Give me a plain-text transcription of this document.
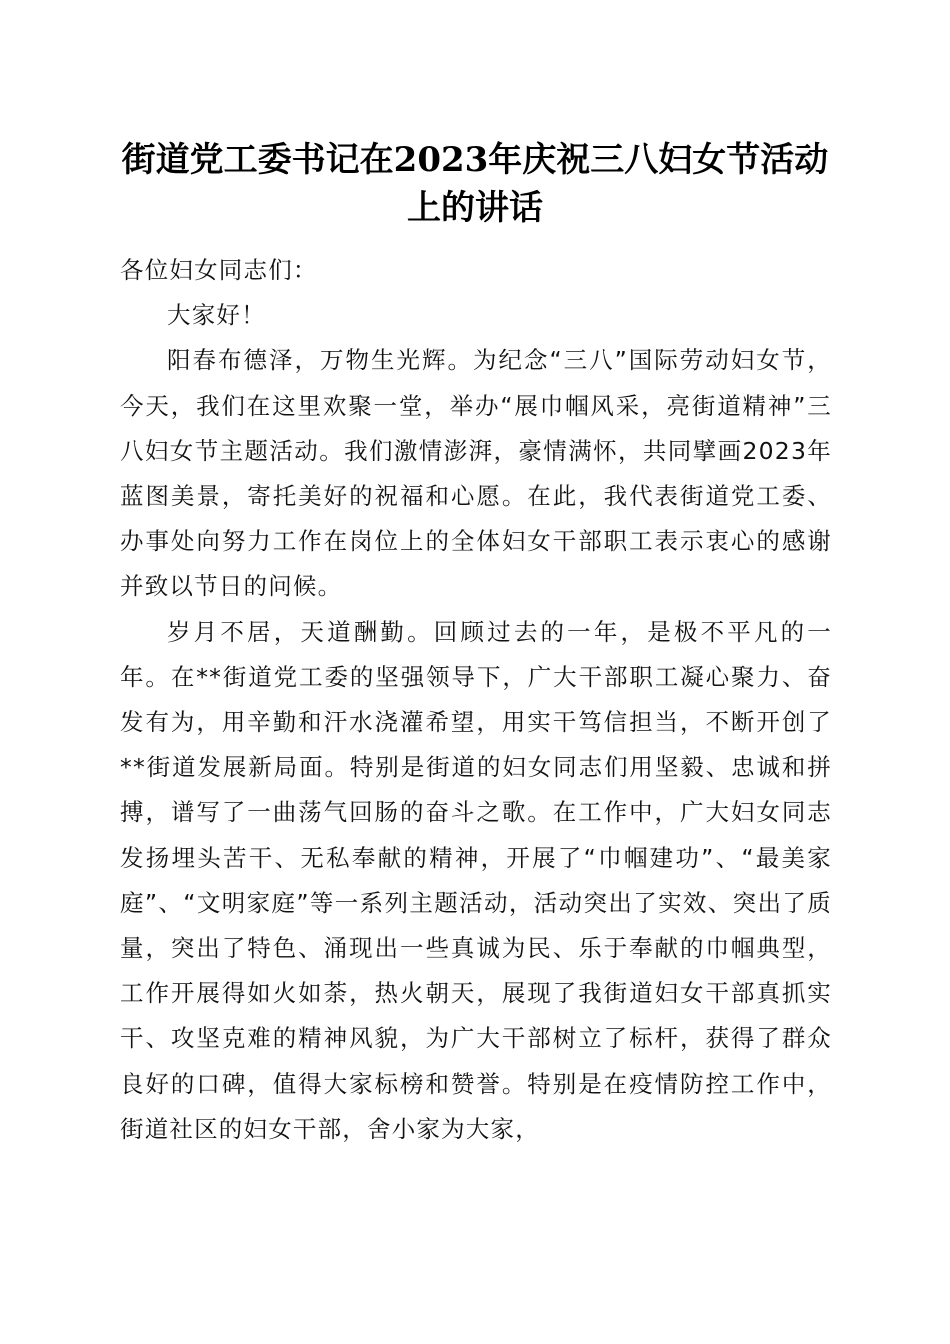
街道党工委书记在2023年庆祝三八妇女节活动上的讲话

各位妇女同志们：

大家好！

阳春布德泽，万物生光辉。为纪念“三八”国际劳动妇女节，今天，我们在这里欢聚一堂，举办“展巾帼风采，亮街道精神”三八妇女节主题活动。我们激情澎湃，豪情满怀，共同擘画2023年蓝图美景，寄托美好的祝福和心愿。在此，我代表街道党工委、办事处向努力工作在岗位上的全体妇女干部职工表示衷心的感谢并致以节日的问候。

岁月不居，天道酬勤。回顾过去的一年，是极不平凡的一年。在**街道党工委的坚强领导下，广大干部职工凝心聚力、奋发有为，用辛勤和汗水浇灌希望，用实干笃信担当，不断开创了**街道发展新局面。特别是街道的妇女同志们用坚毅、忠诚和拼搏，谱写了一曲荡气回肠的奋斗之歌。在工作中，广大妇女同志发扬埋头苦干、无私奉献的精神，开展了“巾帼建功”、“最美家庭”、“文明家庭”等一系列主题活动，活动突出了实效、突出了质量，突出了特色、涌现出一些真诚为民、乐于奉献的巾帼典型，工作开展得如火如荼，热火朝天，展现了我街道妇女干部真抓实干、攻坚克难的精神风貌，为广大干部树立了标杆，获得了群众良好的口碑，值得大家标榜和赞誉。特别是在疫情防控工作中，街道社区的妇女干部，舍小家为大家，
